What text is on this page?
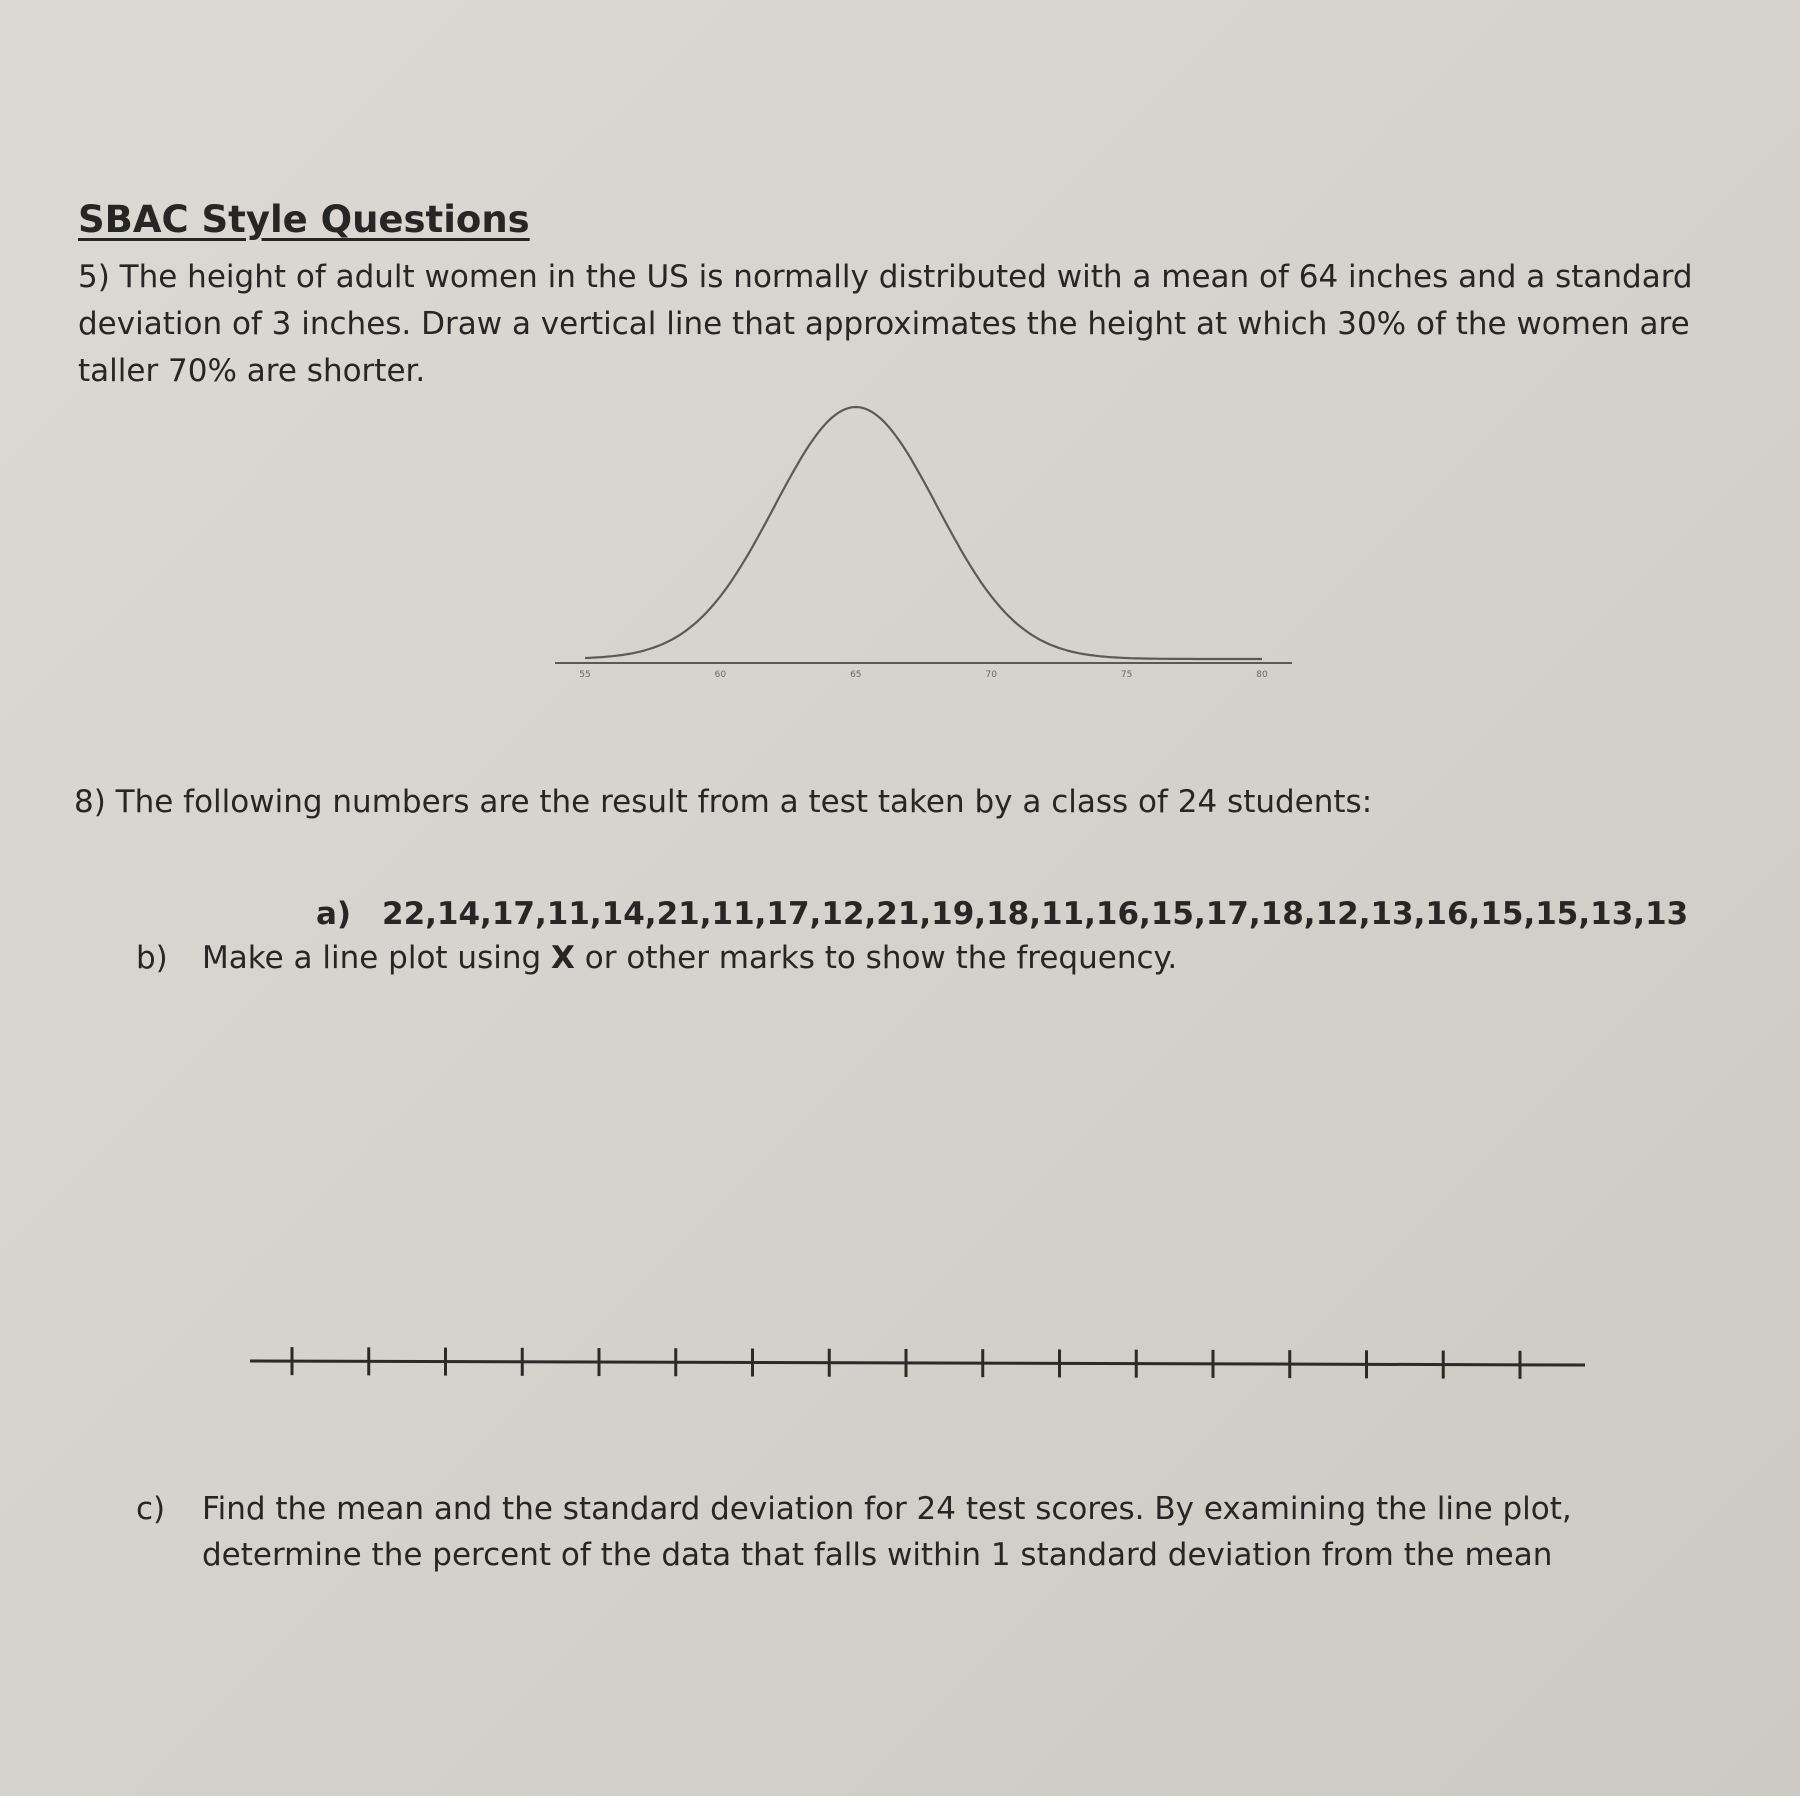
SBAC Style Questions

5) The height of adult women in the US is normally distributed with a mean of 64 inches and a standard
deviation of 3 inches. Draw a vertical line that approximates the height at which 30% of the women are
taller 70% are shorter.

55	60	65	70	75	80

8) The following numbers are the result from a test taken by a class of 24 students:

a) 22,14,17,11,14,21,11,17,12,21,19,18,11,16,15,17,18,12,13,16,15,15,13,13
b) Make a line plot using X or other marks to show the frequency.
c) Find the mean and the standard deviation for 24 test scores. By examining the line plot,
determine the percent of the data that falls within 1 standard deviation from the mean
